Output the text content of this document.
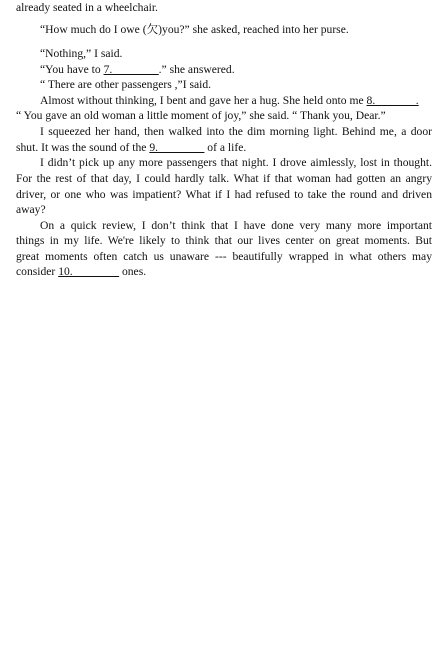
already seated in a wheelchair.
“How much do I owe (欠)you?” she asked, reached into her purse.
“Nothing,” I said.
“You have to 7.________.” she answered.
“ There are other passengers ,”I said.
Almost without thinking, I bent and gave her a hug. She held onto me 8._______.
“ You gave an old woman a little moment of joy,” she said. “ Thank you, Dear.”
I squeezed her hand, then walked into the dim morning light. Behind me, a door
shut. It was the sound of the 9.________ of a life.
I didn’t pick up any more passengers that night. I drove aimlessly, lost in thought.
For the rest of that day, I could hardly talk. What if that woman had gotten an angry
driver, or one who was impatient? What if I had refused to take the round and driven
away?
On a quick review, I don’t think that I have done very many more important
things in my life. We're likely to think that our lives center on great moments. But
great moments often catch us unaware --- beautifully wrapped in what others may
consider 10.________ ones.
